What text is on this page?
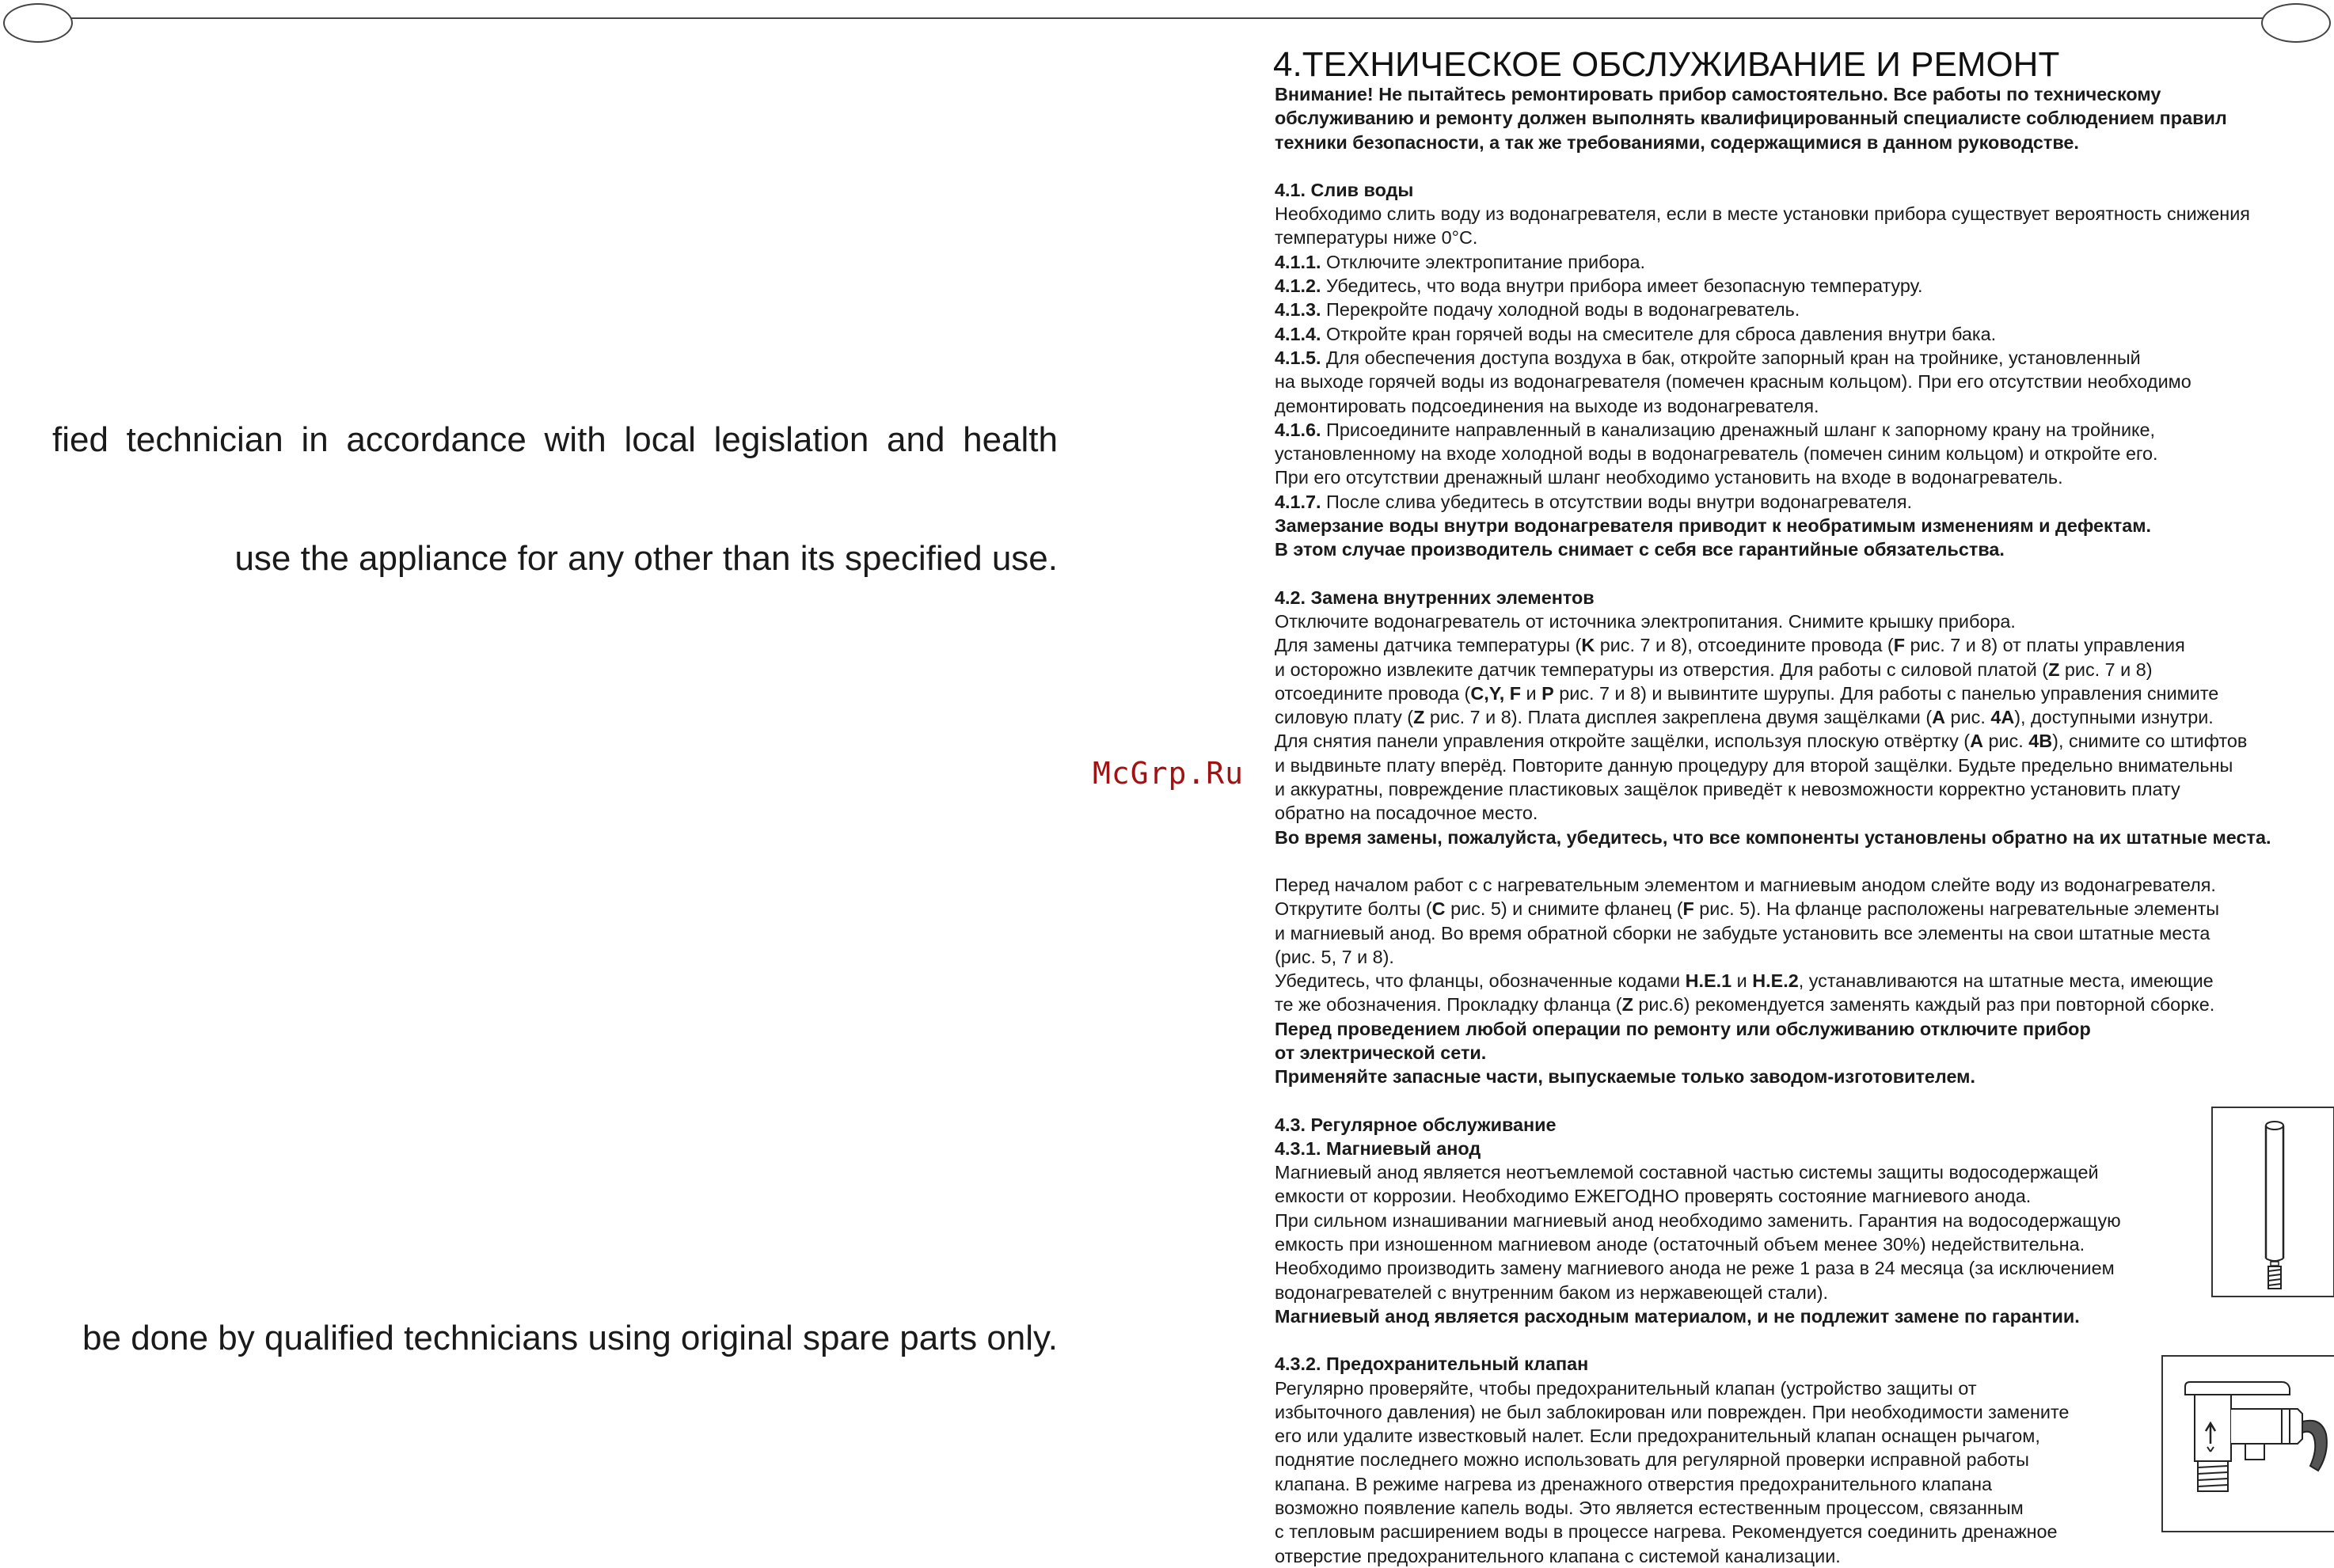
fied technician in accordance with local legislation and health
use the appliance for any other than its specified use.
be done by qualified technicians using original spare parts only.
McGrp.Ru
4.ТЕХНИЧЕСКОЕ ОБСЛУЖИВАНИЕ И РЕМОНТ

Внимание! Не пытайтесь ремонтировать прибор самостоятельно. Все работы по техническому

обслуживанию и ремонту должен выполнять квалифицированный специалисте соблюдением правил

техники безопасности, а так же требованиями, содержащимися в данном руководстве.

4.1. Слив воды

Необходимо слить воду из водонагревателя, если в месте установки прибора существует вероятность снижения

температуры ниже 0°С.

4.1.1. Отключите электропитание прибора.

4.1.2. Убедитесь, что вода внутри прибора имеет безопасную температуру.

4.1.3. Перекройте подачу холодной воды в водонагреватель.

4.1.4. Откройте кран горячей воды на смесителе для сброса давления внутри бака.

4.1.5. Для обеспечения доступа воздуха в бак, откройте запорный кран на тройнике, установленный

на выходе горячей воды из водонагревателя (помечен красным кольцом). При его отсутствии необходимо

демонтировать подсоединения на выходе из водонагревателя.

4.1.6. Присоедините направленный в канализацию дренажный шланг к запорному крану на тройнике,

установленному на входе холодной воды в водонагреватель (помечен синим кольцом) и откройте его.

При его отсутствии дренажный шланг необходимо установить на входе в водонагреватель.

4.1.7. После слива убедитесь в отсутствии воды внутри водонагревателя.

Замерзание воды внутри водонагревателя приводит к необратимым изменениям и дефектам.

В этом случае производитель снимает с себя все гарантийные обязательства.

4.2. Замена внутренних элементов

Отключите водонагреватель от источника электропитания. Снимите крышку прибора.

Для замены датчика температуры (K рис. 7 и 8), отсоедините провода (F рис. 7 и 8) от платы управления

и осторожно извлеките датчик температуры из отверстия. Для работы с силовой платой (Z рис. 7 и 8)

отсоедините провода (C,Y, F и P рис. 7 и 8) и вывинтите шурупы. Для работы с панелью управления снимите

силовую плату (Z рис. 7 и 8). Плата дисплея закреплена двумя защёлками (A рис. 4A), доступными изнутри.

Для снятия панели управления откройте защёлки, используя плоскую отвёртку (A рис. 4B), снимите со штифтов

и выдвиньте плату вперёд. Повторите данную процедуру для второй защёлки. Будьте предельно внимательны

и аккуратны, повреждение пластиковых защёлок приведёт к невозможности корректно установить плату

обратно на посадочное место.

Во время замены, пожалуйста, убедитесь, что все компоненты установлены обратно на их штатные места.

Перед началом работ с с нагревательным элементом и магниевым анодом слейте воду из водонагревателя.

Открутите болты (C рис. 5) и снимите фланец (F рис. 5). На фланце расположены нагревательные элементы

и магниевый анод. Во время обратной сборки не забудьте установить все элементы на свои штатные места

(рис. 5, 7 и 8).

Убедитесь, что фланцы, обозначенные кодами H.E.1 и H.E.2, устанавливаются на штатные места, имеющие

те же обозначения. Прокладку фланца (Z рис.6) рекомендуется заменять каждый раз при повторной сборке.

Перед проведением любой операции по ремонту или обслуживанию отключите прибор

от электрической сети.

Применяйте запасные части, выпускаемые только заводом-изготовителем.

4.3. Регулярное обслуживание

4.3.1. Магниевый анод

Магниевый анод является неотъемлемой составной частью системы защиты водосодержащей

емкости от коррозии. Необходимо ЕЖЕГОДНО проверять состояние магниевого анода.

При сильном изнашивании магниевый анод необходимо заменить. Гарантия на водосодержащую

емкость при изношенном магниевом аноде (остаточный объем менее 30%) недействительна.

Необходимо производить замену магниевого анода не реже 1 раза в 24 месяца (за исключением

водонагревателей с внутренним баком из нержавеющей стали).

Магниевый анод является расходным материалом, и не подлежит замене по гарантии.

4.3.2. Предохранительный клапан

Регулярно проверяйте, чтобы предохранительный клапан (устройство защиты от

избыточного давления) не был заблокирован или поврежден. При необходимости замените

его или удалите известковый налет. Если предохранительный клапан оснащен рычагом,

поднятие последнего можно использовать для регулярной проверки исправной работы

клапана. В режиме нагрева из дренажного отверстия предохранительного клапана

возможно появление капель воды. Это является естественным процессом, связанным

с тепловым расширением воды в процессе нагрева. Рекомендуется соединить дренажное

отверстие предохранительного клапана с системой канализации.
